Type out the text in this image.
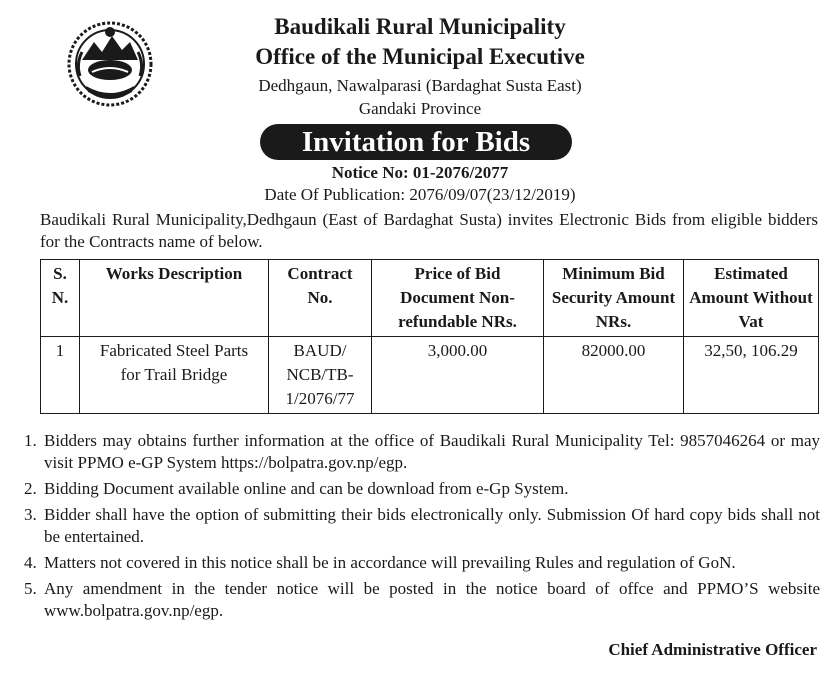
Baudikali Rural Municipality
Office of the Municipal Executive
Dedhgaun, Nawalparasi (Bardaghat Susta East)
Gandaki Province
Invitation for Bids
Notice No: 01-2076/2077
Date Of Publication: 2076/09/07(23/12/2019)
Baudikali Rural Municipality,Dedhgaun (East of Bardaghat Susta) invites Electronic Bids from eligible bidders for the Contracts name of below.
S. N.	Works Description	Contract No.	Price of Bid Document Non-refundable NRs.	Minimum Bid Security Amount NRs.	Estimated Amount Without Vat
1	Fabricated Steel Parts for Trail Bridge	BAUD/ NCB/TB-1/2076/77	3,000.00	82000.00	32,50, 106.29
1. Bidders may obtains further information at the office of Baudikali Rural Municipality Tel: 9857046264 or may visit PPMO e-GP System https://bolpatra.gov.np/egp.
2. Bidding Document available online and can be download from e-Gp System.
3. Bidder shall have the option of submitting their bids electronically only. Submission Of hard copy bids shall not be entertained.
4. Matters not covered in this notice shall be in accordance will prevailing Rules and regulation of GoN.
5. Any amendment in the tender notice will be posted in the notice board of offce and PPMO’S website www.bolpatra.gov.np/egp.
Chief Administrative Officer
